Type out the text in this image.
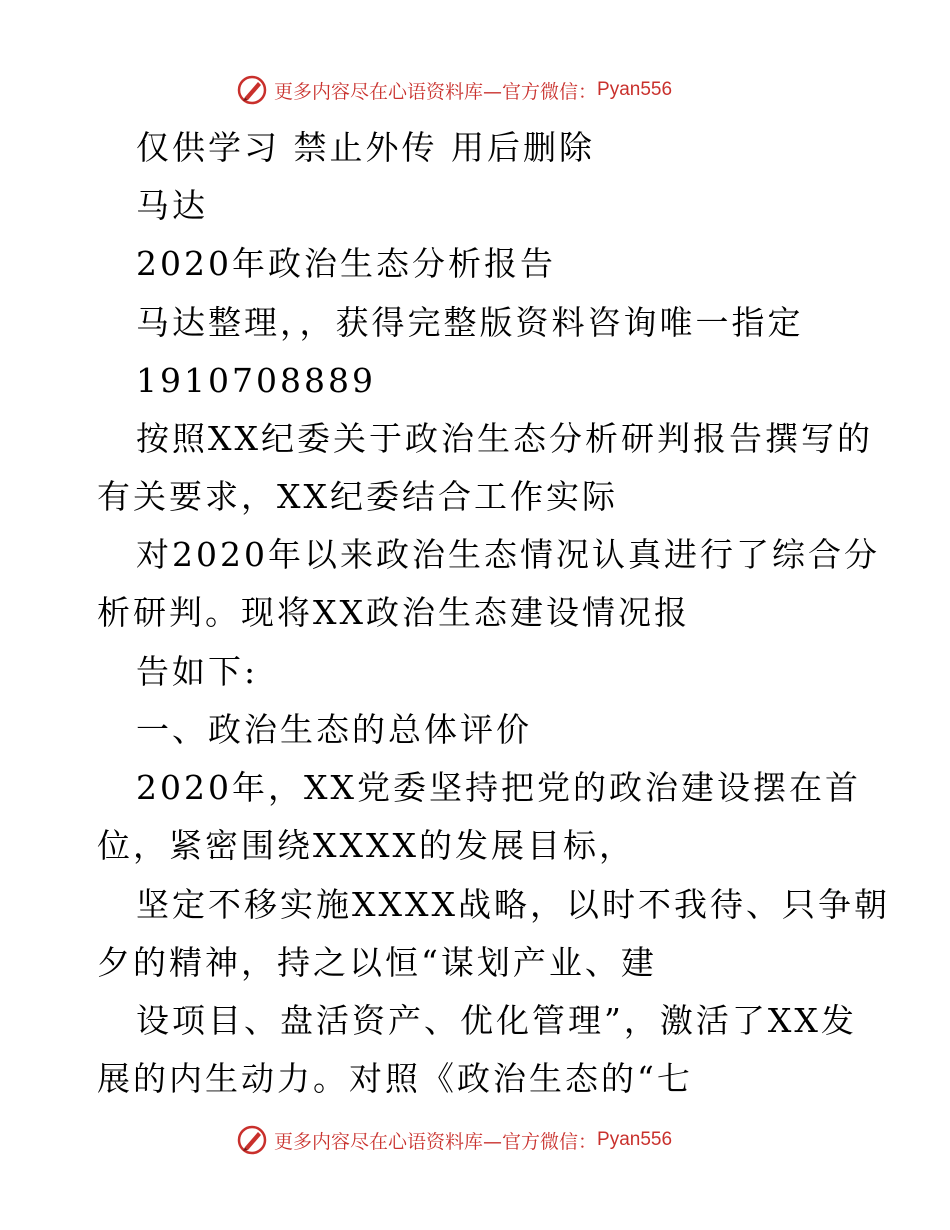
更多内容尽在心语资料库 —官方微信： Pyan556
仅供学习 禁止外传 用后删除
马达
2020年政治生态分析报告
马达整理，，获得完整版资料咨询唯一指定
1910708889
按照XX纪委关于政治生态分析研判报告撰写的
有关要求，XX纪委结合工作实际
对2020年以来政治生态情况认真进行了综合分
析研判。现将XX政治生态建设情况报
告如下:
一、政治生态的总体评价
2020年，XX党委坚持把党的政治建设摆在首
位，紧密围绕XXXX的发展目标，
坚定不移实施XXXX战略，以时不我待、只争朝
夕的精神，持之以恒“谋划产业、建
设项目、盘活资产、优化管理”，激活了XX发
展的内生动力。对照《政治生态的“七
更多内容尽在心语资料库 —官方微信： Pyan556
